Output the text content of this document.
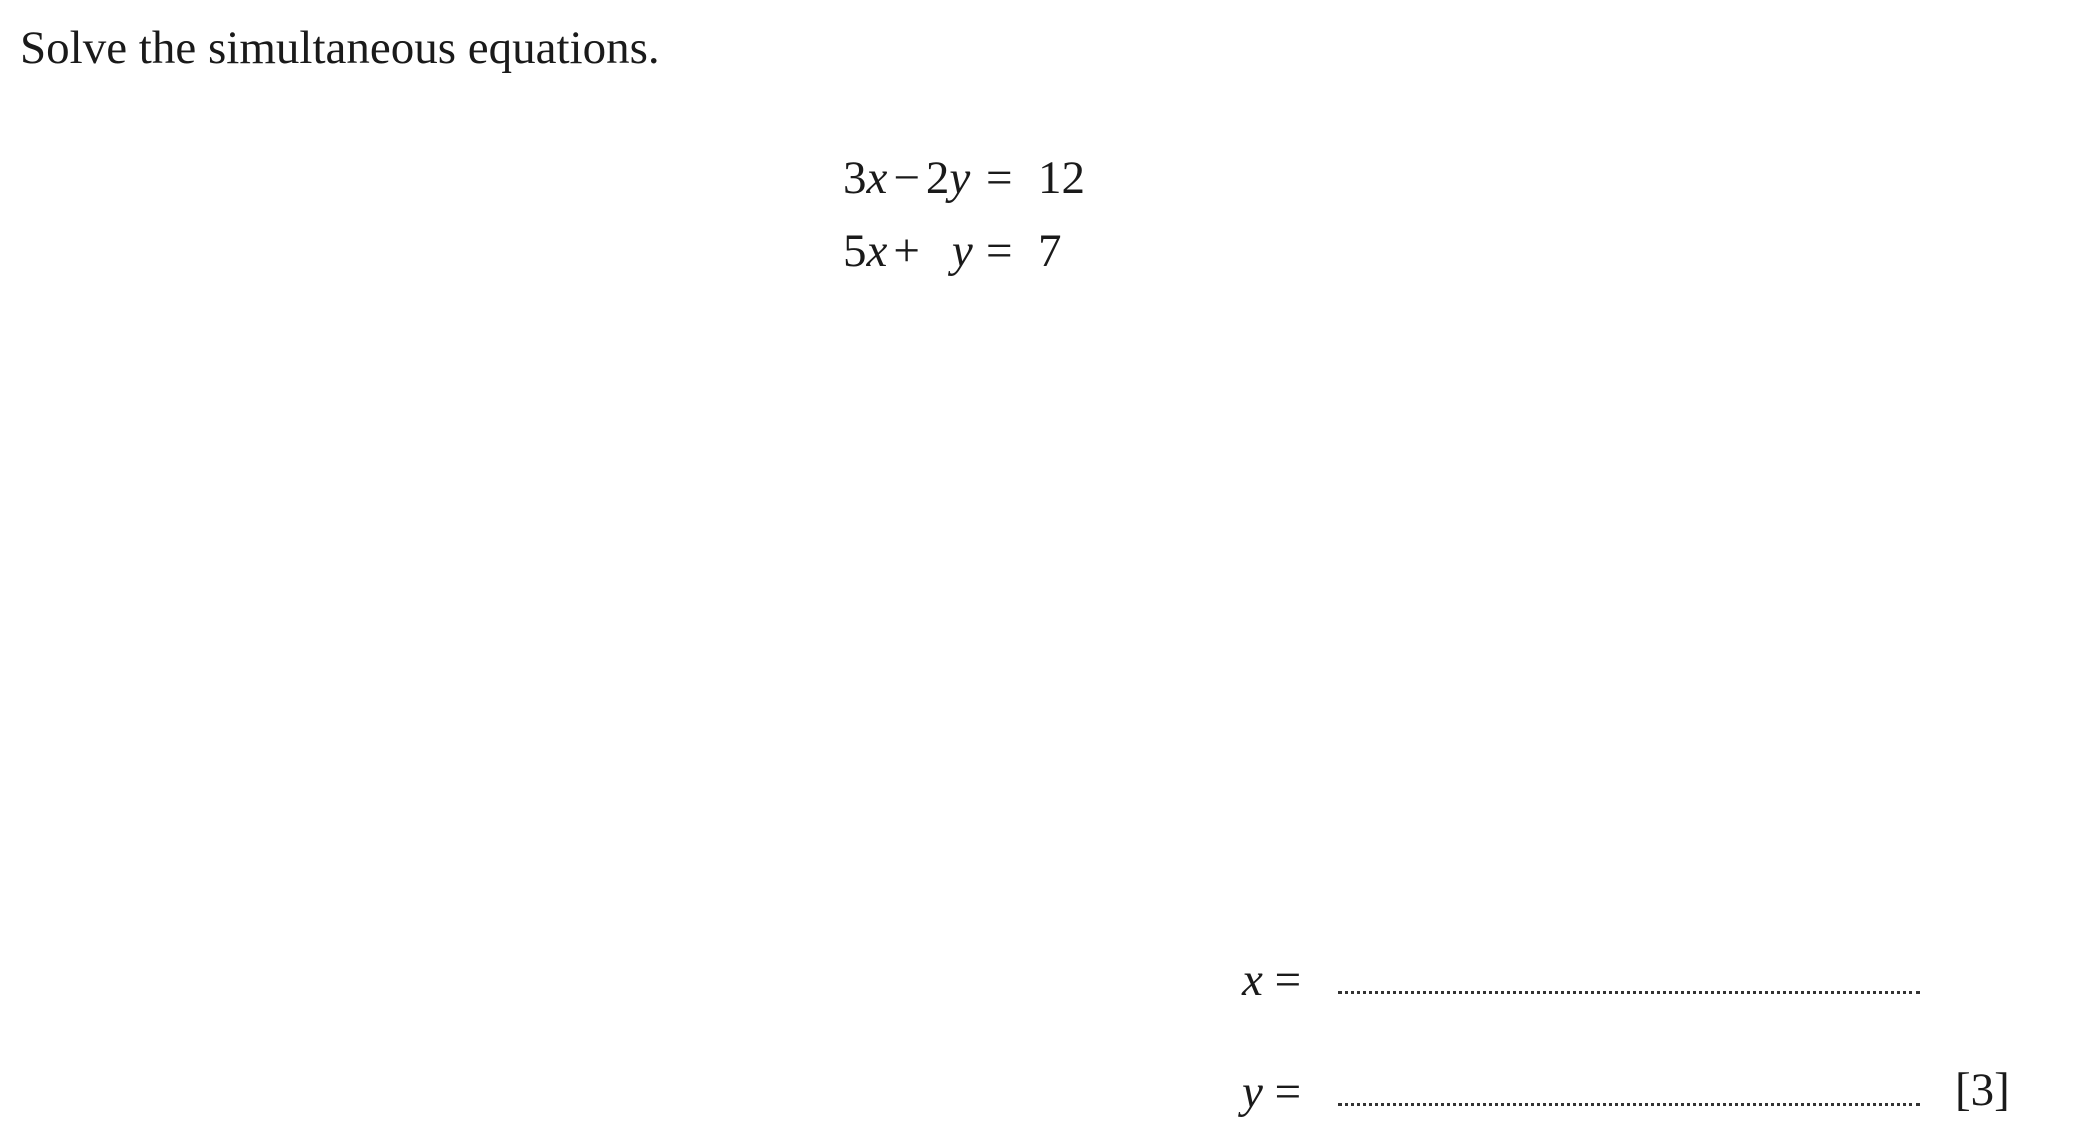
Solve the simultaneous equations.
3x − 2y = 12
5x + y = 7
x =
y =	[3]
